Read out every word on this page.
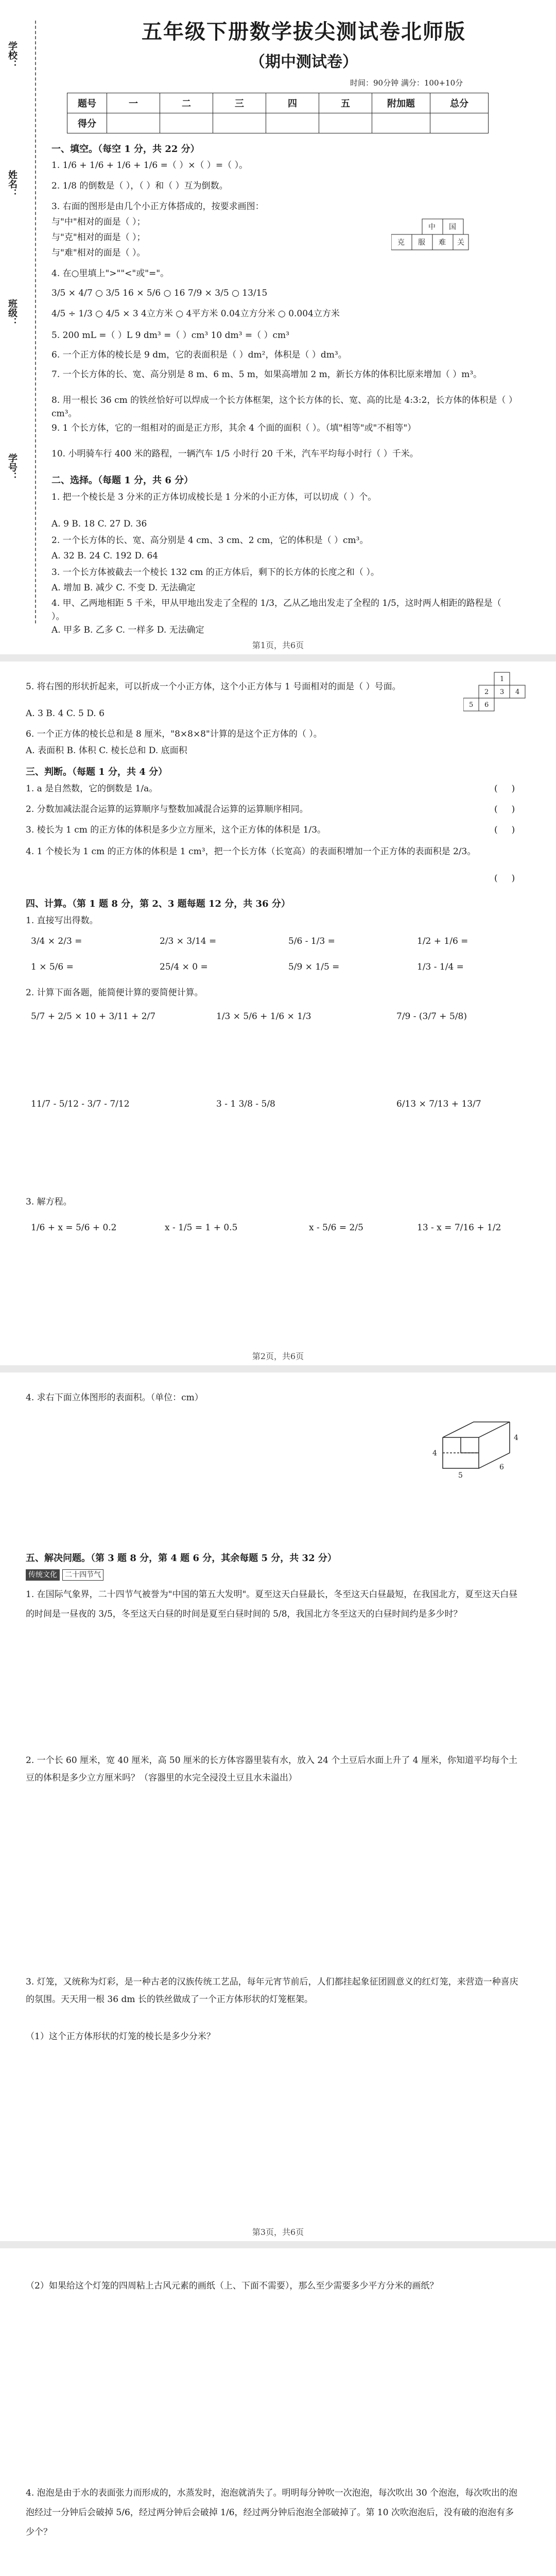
学校：
班级：
姓名：
学号：
五年级下册数学拔尖测试卷北师版
（期中测试卷）
时间：90分钟 满分：100+10分
题号	一	二	三	四	五	附加题	总分
得分							
一、填空。（每空 1 分，共 22 分）
1. 1/6 + 1/6 + 1/6 + 1/6 =（ ）×（ ）=（ ）。
2. 1/8 的倒数是（ ），（ ）和（ ）互为倒数。
3. 右面的图形是由几个小正方体搭成的，按要求画图：
与"中"相对的面是（ ）；
与"克"相对的面是（ ）；
与"难"相对的面是（ ）。
中 国
克 服 难 关
4. 在○里填上">""<"或"="。
3/5 × 4/7 ○ 3/5 16 × 5/6 ○ 16 7/9 × 3/5 ○ 13/15
4/5 ÷ 1/3 ○ 4/5 × 3 4立方米 ○ 4平方米 0.04立方分米 ○ 0.004立方米
5. 200 mL =（ ）L 9 dm³ =（ ）cm³ 10 dm³ =（ ）cm³
6. 一个正方体的棱长是 9 dm，它的表面积是（ ）dm²，体积是（ ）dm³。
7. 一个长方体的长、宽、高分别是 8 m、6 m、5 m，如果高增加 2 m，新长方体的体积比原来增加（ ）m³。
8. 用一根长 36 cm 的铁丝恰好可以焊成一个长方体框架，这个长方体的长、宽、高的比是 4:3:2，长方体的体积是（ ）cm³。
9. 1 个长方体，它的一组相对的面是正方形，其余 4 个面的面积（ ）。（填"相等"或"不相等"）
10. 小明骑车行 400 米的路程，一辆汽车 1/5 小时行 20 千米，汽车平均每小时行（ ）千米。
二、选择。（每题 1 分，共 6 分）
1. 把一个棱长是 3 分米的正方体切成棱长是 1 分米的小正方体，可以切成（ ）个。
A. 9 B. 18 C. 27 D. 36
2. 一个长方体的长、宽、高分别是 4 cm、3 cm、2 cm，它的体积是（ ）cm³。
A. 32 B. 24 C. 192 D. 64
3. 一个长方体被截去一个棱长 132 cm 的正方体后，剩下的长方体的长度之和（ ）。
A. 增加 B. 减少 C. 不变 D. 无法确定
4. 甲、乙两地相距 5 千米，甲从甲地出发走了全程的 1/3，乙从乙地出发走了全程的 1/5，这时两人相距的路程是（ ）。
A. 甲多 B. 乙多 C. 一样多 D. 无法确定
第1页，共6页
5. 将右图的形状折起来，可以折成一个小正方体，这个小正方体与 1 号面相对的面是（ ）号面。
A. 3 B. 4 C. 5 D. 6
1
2 3 4
5 6
6. 一个正方体的棱长总和是 8 厘米，"8×8×8"计算的是这个正方体的（ ）。
A. 表面积 B. 体积 C. 棱长总和 D. 底面积
三、判断。（每题 1 分，共 4 分）
1. a 是自然数，它的倒数是 1/a。	(     )
2. 分数加减法混合运算的运算顺序与整数加减混合运算的运算顺序相同。	(     )
3. 棱长为 1 cm 的正方体的体积是多少立方厘米，这个正方体的体积是 1/3。	(     )
4. 1 个棱长为 1 cm 的正方体的体积是 1 cm³，把一个长方体（长宽高）的表面积增加一个正方体的表面积是 2/3。
(     )
四、计算。（第 1 题 8 分，第 2、3 题每题 12 分，共 36 分）
1. 直接写出得数。
3/4 × 2/3 =	2/3 × 3/14 =	5/6 - 1/3 =	1/2 + 1/6 =
1 × 5/6 =	25/4 × 0 =	5/9 × 1/5 =	1/3 - 1/4 =
2. 计算下面各题，能简便计算的要简便计算。
5/7 + 2/5 × 10 + 3/11 + 2/7	1/3 × 5/6 + 1/6 × 1/3	7/9 - (3/7 + 5/8)
11/7 - 5/12 - 3/7 - 7/12	3 - 1 3/8 - 5/8	6/13 × 7/13 + 13/7
3. 解方程。
1/6 + x = 5/6 + 0.2	x - 1/5 = 1 + 0.5	x - 5/6 = 2/5	13 - x = 7/16 + 1/2
第2页，共6页
4. 求右下面立体图形的表面积。（单位：cm）
4
5
6
4
五、解决问题。（第 3 题 8 分，第 4 题 6 分，其余每题 5 分，共 32 分）
传统文化 二十四节气
1. 在国际气象界，二十四节气被誉为"中国的第五大发明"。夏至这天白昼最长，冬至这天白昼最短，在我国北方，夏至这天白昼的时间是一昼夜的 3/5，冬至这天白昼的时间是夏至白昼时间的 5/8，我国北方冬至这天的白昼时间约是多少时？
2. 一个长 60 厘米，宽 40 厘米，高 50 厘米的长方体容器里装有水，放入 24 个土豆后水面上升了 4 厘米，你知道平均每个土豆的体积是多少立方厘米吗？（容器里的水完全浸没土豆且水未溢出）
3. 灯笼，又统称为灯彩，是一种古老的汉族传统工艺品，每年元宵节前后，人们都挂起象征团圆意义的红灯笼，来营造一种喜庆的氛围。天天用一根 36 dm 长的铁丝做成了一个正方体形状的灯笼框架。
（1）这个正方体形状的灯笼的棱长是多少分米？
第3页，共6页
（2）如果给这个灯笼的四周粘上古风元素的画纸（上、下面不需要），那么至少需要多少平方分米的画纸？
4. 泡泡是由于水的表面张力而形成的，水蒸发时，泡泡就消失了。明明每分钟吹一次泡泡，每次吹出 30 个泡泡，每次吹出的泡泡经过一分钟后会破掉 5/6，经过两分钟后会破掉 1/6，经过两分钟后泡泡全部破掉了。第 10 次吹泡泡后，没有破的泡泡有多少个？
